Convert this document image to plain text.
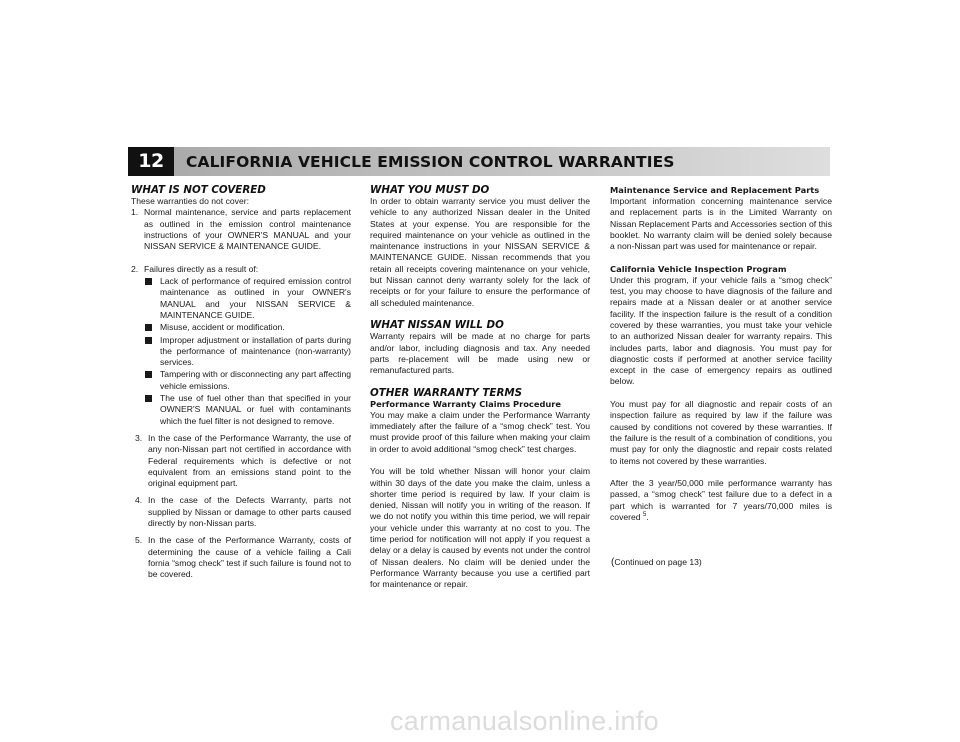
12	CALIFORNIA VEHICLE EMISSION CONTROL WARRANTIES
WHAT IS NOT COVERED

These warranties do not cover:

1. Normal maintenance, service and parts replacement as outlined in the emission control maintenance instructions of your OWNER'S MANUAL and your NISSAN SERVICE & MAINTENANCE GUIDE.
2. Failures directly as a result of:
Lack of performance of required emission control maintenance as outlined in your OWNER's MANUAL and your NISSAN SERVICE & MAINTENANCE GUIDE.
Misuse, accident or modification.
Improper adjustment or installation of parts during the performance of maintenance (non-warranty) services.
Tampering with or disconnecting any part affecting vehicle emissions.
The use of fuel other than that specified in your OWNER'S MANUAL or fuel with contaminants which the fuel filter is not designed to remove.
3. In the case of the Performance Warranty, the use of any non-Nissan part not certified in accordance with Federal requirements which is defective or not equivalent from an emissions stand point to the original equipment part.
4. In the case of the Defects Warranty, parts not supplied by Nissan or damage to other parts caused directly by non-Nissan parts.
5. In the case of the Performance Warranty, costs of determining the cause of a vehicle failing a Cali fornia “smog check” test if such failure is found not to be covered.
WHAT YOU MUST DO

In order to obtain warranty service you must deliver the vehicle to any authorized Nissan dealer in the United States at your expense. You are responsible for the required maintenance on your vehicle as outlined in the maintenance instructions in your NISSAN SERVICE & MAINTENANCE GUIDE. Nissan recommends that you retain all receipts covering maintenance on your vehicle, but Nissan cannot deny warranty solely for the lack of receipts or for your failure to ensure the performance of all scheduled maintenance.

WHAT NISSAN WILL DO

Warranty repairs will be made at no charge for parts and/or labor, including diagnosis and tax. Any needed parts re-placement will be made using new or remanufactured parts.

OTHER WARRANTY TERMS
Performance Warranty Claims Procedure

You may make a claim under the Performance Warranty immediately after the failure of a “smog check” test. You must provide proof of this failure when making your claim in order to avoid additional “smog check” test charges.

You will be told whether Nissan will honor your claim within 30 days of the date you make the claim, unless a shorter time period is required by law. If your claim is denied, Nissan will notify you in writing of the reason. If we do not notify you within this time period, we will repair your vehicle under this warranty at no cost to you. The time period for notification will not apply if you request a delay or a delay is caused by events not under the control of Nissan dealers. No claim will be denied under the Performance Warranty because you use a certified part for maintenance or repair.

Maintenance Service and Replacement Parts

Important information concerning maintenance service and replacement parts is in the Limited Warranty on Nissan Replacement Parts and Accessories section of this booklet. No warranty claim will be denied solely because a non-Nissan part was used for maintenance or repair.

California Vehicle Inspection Program

Under this program, if your vehicle fails a “smog check” test, you may choose to have diagnosis of the failure and repairs made at a Nissan dealer or at another service facility. If the inspection failure is the result of a condition covered by these warranties, you must take your vehicle to an authorized Nissan dealer for warranty repairs. This includes parts, labor and diagnosis. You must pay for diagnostic costs if performed at another service facility except in the case of emergency repairs as outlined below.

You must pay for all diagnostic and repair costs of an inspection failure as required by law if the failure was caused by conditions not covered by these warranties. If the failure is the result of a combination of conditions, you must pay for only the diagnostic and repair costs related to items not covered by these warranties.

After the 3 year/50,000 mile performance warranty has passed, a “smog check” test failure due to a defect in a part which is warranted for 7 years/70,000 miles is covered $^5$.

(Continued on page 13)
carmanualsonline.info
